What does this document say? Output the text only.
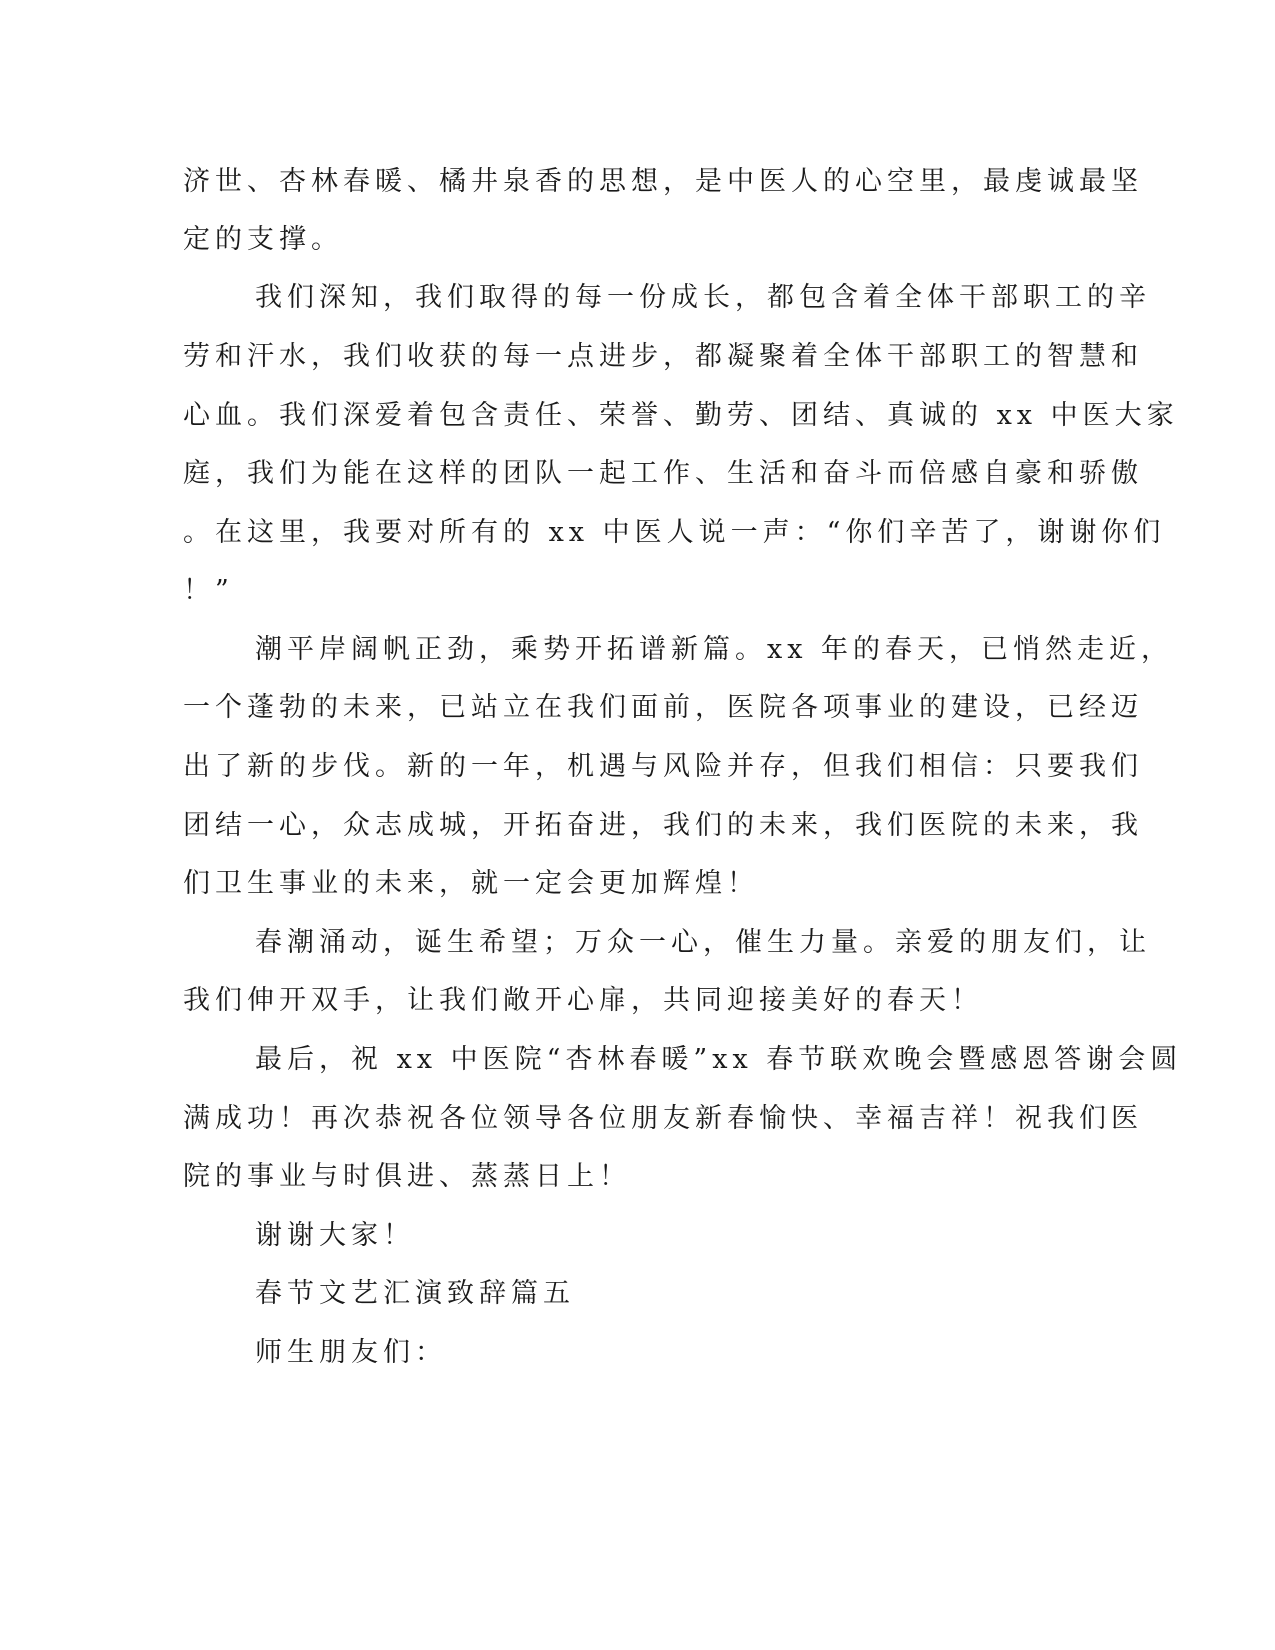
济世、杏林春暖、橘井泉香的思想，是中医人的心空里，最虔诚最坚
定的支撑。
我们深知，我们取得的每一份成长，都包含着全体干部职工的辛
劳和汗水，我们收获的每一点进步，都凝聚着全体干部职工的智慧和
心血。我们深爱着包含责任、荣誉、勤劳、团结、真诚的 xx 中医大家
庭，我们为能在这样的团队一起工作、生活和奋斗而倍感自豪和骄傲
。在这里，我要对所有的 xx 中医人说一声：“你们辛苦了，谢谢你们
！”
潮平岸阔帆正劲，乘势开拓谱新篇。xx 年的春天，已悄然走近，
一个蓬勃的未来，已站立在我们面前，医院各项事业的建设，已经迈
出了新的步伐。新的一年，机遇与风险并存，但我们相信：只要我们
团结一心，众志成城，开拓奋进，我们的未来，我们医院的未来，我
们卫生事业的未来，就一定会更加辉煌！
春潮涌动，诞生希望；万众一心，催生力量。亲爱的朋友们，让
我们伸开双手，让我们敞开心扉，共同迎接美好的春天！
最后，祝 xx 中医院“杏林春暖”xx 春节联欢晚会暨感恩答谢会圆
满成功！再次恭祝各位领导各位朋友新春愉快、幸福吉祥！祝我们医
院的事业与时俱进、蒸蒸日上！
谢谢大家！
春节文艺汇演致辞篇五
师生朋友们：
